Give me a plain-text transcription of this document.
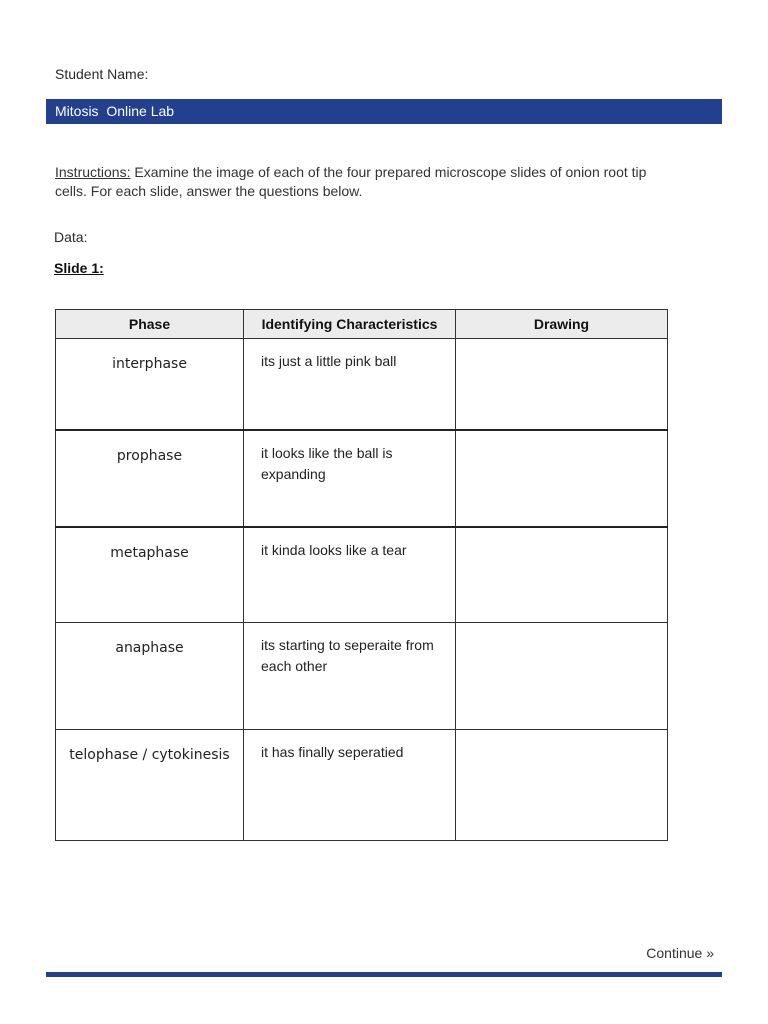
Student Name:
Mitosis  Online Lab
Instructions: Examine the image of each of the four prepared microscope slides of onion root tip cells. For each slide, answer the questions below.
Data:
Slide 1:
Phase	Identifying Characteristics	Drawing
interphase	its just a little pink ball	
prophase	it looks like the ball is expanding	
metaphase	it kinda looks like a tear	
anaphase	its starting to seperaite from each other	
telophase / cytokinesis	it has finally seperatied	
Continue »
